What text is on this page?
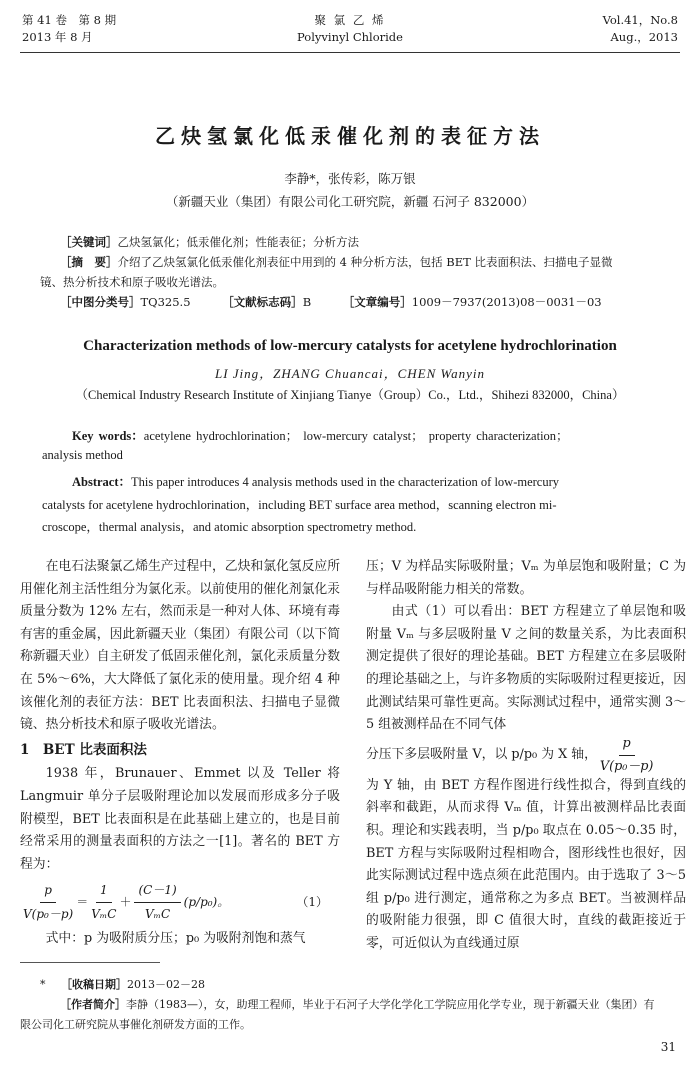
第 41 卷　第 8 期
2013 年 8 月
聚 氯 乙 烯
Polyvinyl Chloride
Vol.41，No.8
Aug.，2013
乙炔氢氯化低汞催化剂的表征方法
李静*，张传彩，陈万银
（新疆天业（集团）有限公司化工研究院，新疆 石河子 832000）
［关键词］乙炔氢氯化；低汞催化剂；性能表征；分析方法
［摘　要］介绍了乙炔氢氯化低汞催化剂表征中用到的 4 种分析方法，包括 BET 比表面积法、扫描电子显微
镜、热分析技术和原子吸收光谱法。
［中图分类号］TQ325.5	［文献标志码］B	［文章编号］1009－7937(2013)08－0031－03
Characterization methods of low-mercury catalysts for acetylene hydrochlorination
LI Jing，ZHANG Chuancai，CHEN Wanyin
（Chemical Industry Research Institute of Xinjiang Tianye（Group）Co.，Ltd.，Shihezi 832000，China）
Key words：acetylene hydrochlorination； low-mercury catalyst； property characterization；
analysis method
Abstract：This paper introduces 4 analysis methods used in the characterization of low-mercury
catalysts for acetylene hydrochlorination，including BET surface area method，scanning electron mi-
croscope，thermal analysis，and atomic absorption spectrometry method.

在电石法聚氯乙烯生产过程中，乙炔和氯化氢反应所用催化剂主活性组分为氯化汞。以前使用的催化剂氯化汞质量分数为 12% 左右，然而汞是一种对人体、环境有毒有害的重金属，因此新疆天业（集团）有限公司（以下简称新疆天业）自主研发了低固汞催化剂，氯化汞质量分数在 5%～6%，大大降低了氯化汞的使用量。现介绍 4 种该催化剂的表征方法：BET 比表面积法、扫描电子显微镜、热分析技术和原子吸收光谱法。

1　BET 比表面积法

1938 年，Brunauer、Emmet 以及 Teller 将 Langmuir 单分子层吸附理论加以发展而形成多分子吸附模型，BET 比表面积是在此基础上建立的，也是目前经常采用的测量表面积的方法之一[1]。著名的 BET 方程为：

$\frac{p}{\text{V(p₀－p)}} = \frac{1}{\text{VₘC}} + \frac{(C-1)}{\text{VₘC}} (p/p_0)$。	（1）

式中：p 为吸附质分压；p₀ 为吸附剂饱和蒸气

压；V 为样品实际吸附量；Vₘ 为单层饱和吸附量；C 为与样品吸附能力相关的常数。

由式（1）可以看出：BET 方程建立了单层饱和吸附量 Vₘ 与多层吸附量 V 之间的数量关系，为比表面积测定提供了很好的理论基础。BET 方程建立在多层吸附的理论基础之上，与许多物质的实际吸附过程更接近，因此测试结果可靠性更高。实际测试过程中，通常实测 3～5 组被测样品在不同气体

分压下多层吸附量 V，以 p/p₀ 为 X 轴， $\frac{p}{\text{V(p₀－p)}}$

为 Y 轴，由 BET 方程作图进行线性拟合，得到直线的斜率和截距，从而求得 Vₘ 值，计算出被测样品比表面积。理论和实践表明，当 p/p₀ 取点在 0.05～0.35 时，BET 方程与实际吸附过程相吻合，图形线性也很好，因此实际测试过程中选点须在此范围内。由于选取了 3～5 组 p/p₀ 进行测定，通常称之为多点 BET。当被测样品的吸附能力很强，即 C 值很大时，直线的截距接近于零，可近似认为直线通过原

* ［收稿日期］2013－02－28
［作者简介］李静（1983—），女，助理工程师，毕业于石河子大学化学化工学院应用化学专业，现于新疆天业（集团）有
限公司化工研究院从事催化剂研发方面的工作。
31
